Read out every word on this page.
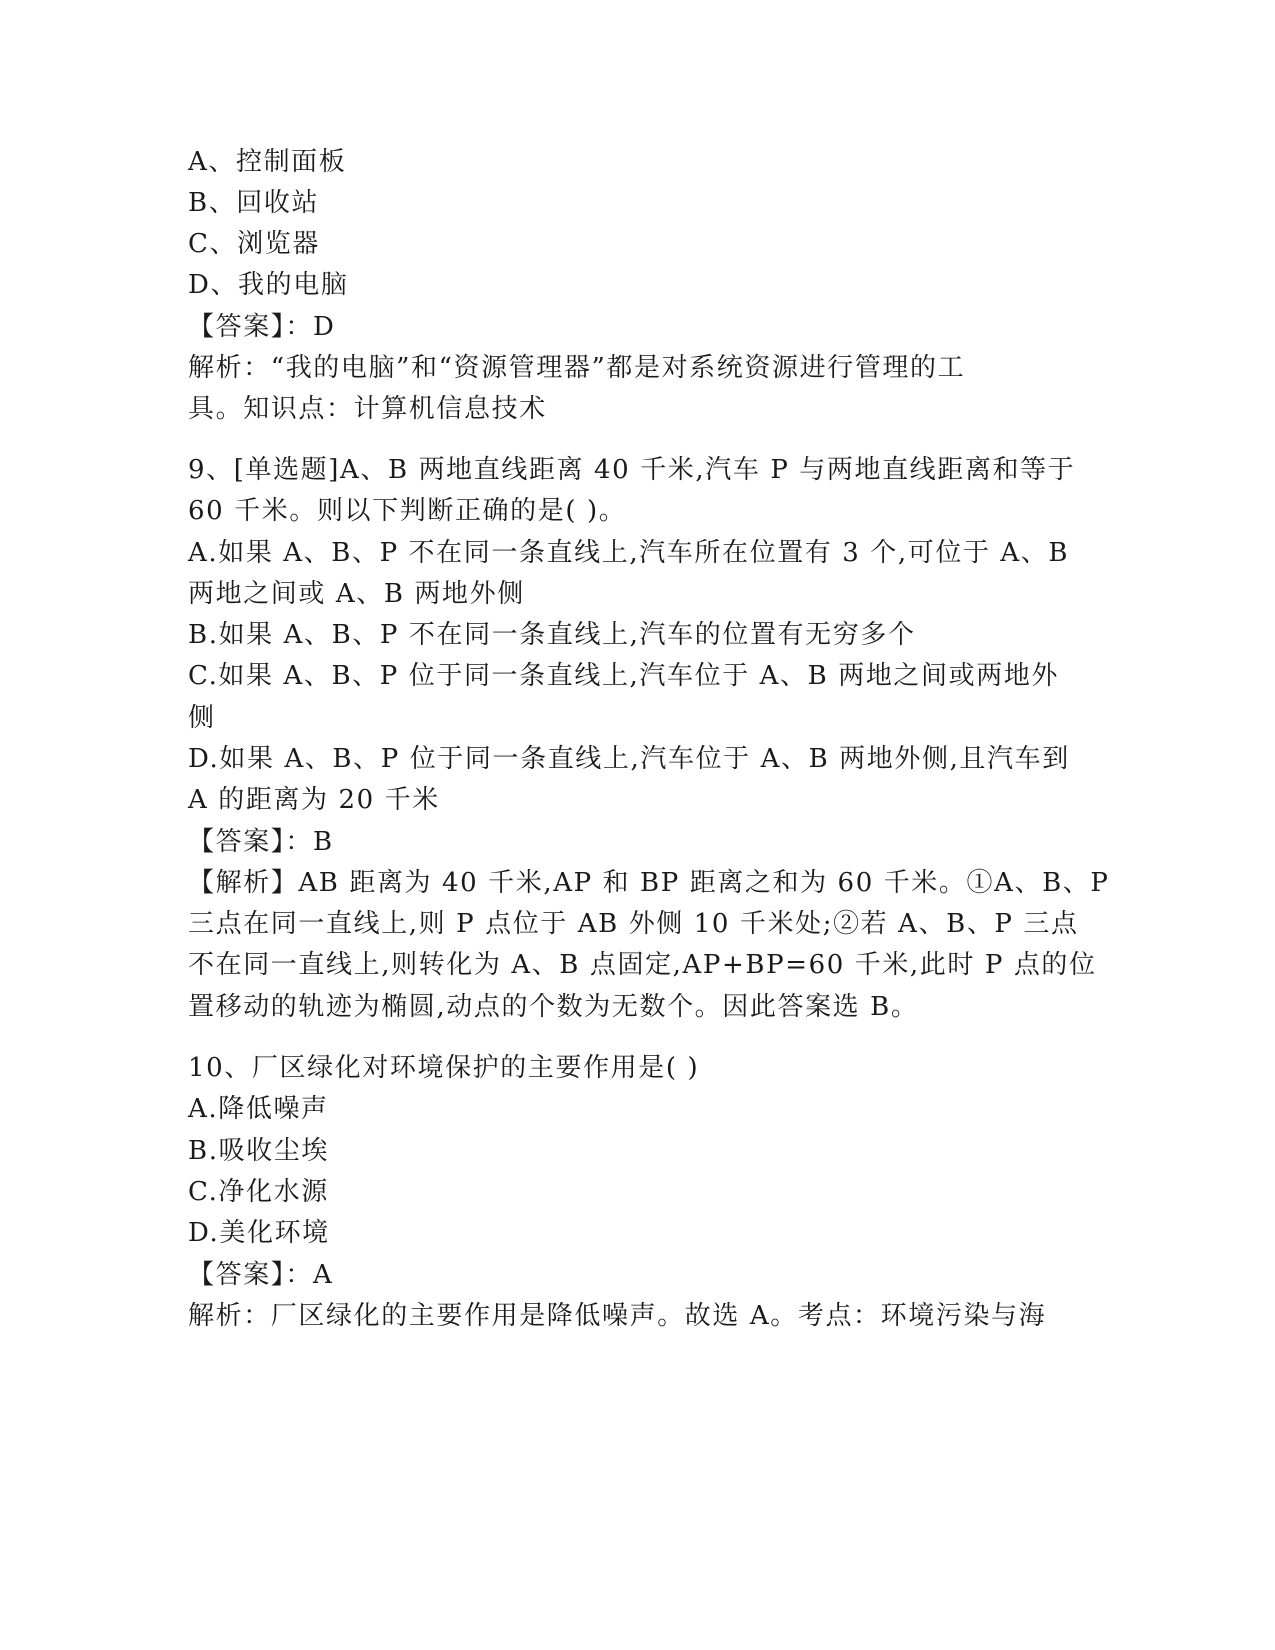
A、控制面板
B、回收站
C、浏览器
D、我的电脑
【答案】：D
解析：“我的电脑”和“资源管理器”都是对系统资源进行管理的工
具。知识点：计算机信息技术
9、[单选题]A、B 两地直线距离 40 千米,汽车 P 与两地直线距离和等于
60 千米。则以下判断正确的是( )。
A.如果 A、B、P 不在同一条直线上,汽车所在位置有 3 个,可位于 A、B
两地之间或 A、B 两地外侧
B.如果 A、B、P 不在同一条直线上,汽车的位置有无穷多个
C.如果 A、B、P 位于同一条直线上,汽车位于 A、B 两地之间或两地外
侧
D.如果 A、B、P 位于同一条直线上,汽车位于 A、B 两地外侧,且汽车到
A 的距离为 20 千米
【答案】：B
【解析】AB 距离为 40 千米,AP 和 BP 距离之和为 60 千米。①A、B、P
三点在同一直线上,则 P 点位于 AB 外侧 10 千米处;②若 A、B、P 三点
不在同一直线上,则转化为 A、B 点固定,AP+BP=60 千米,此时 P 点的位
置移动的轨迹为椭圆,动点的个数为无数个。因此答案选 B。
10、厂区绿化对环境保护的主要作用是( )
A.降低噪声
B.吸收尘埃
C.净化水源
D.美化环境
【答案】：A
解析：厂区绿化的主要作用是降低噪声。故选 A。考点：环境污染与海
